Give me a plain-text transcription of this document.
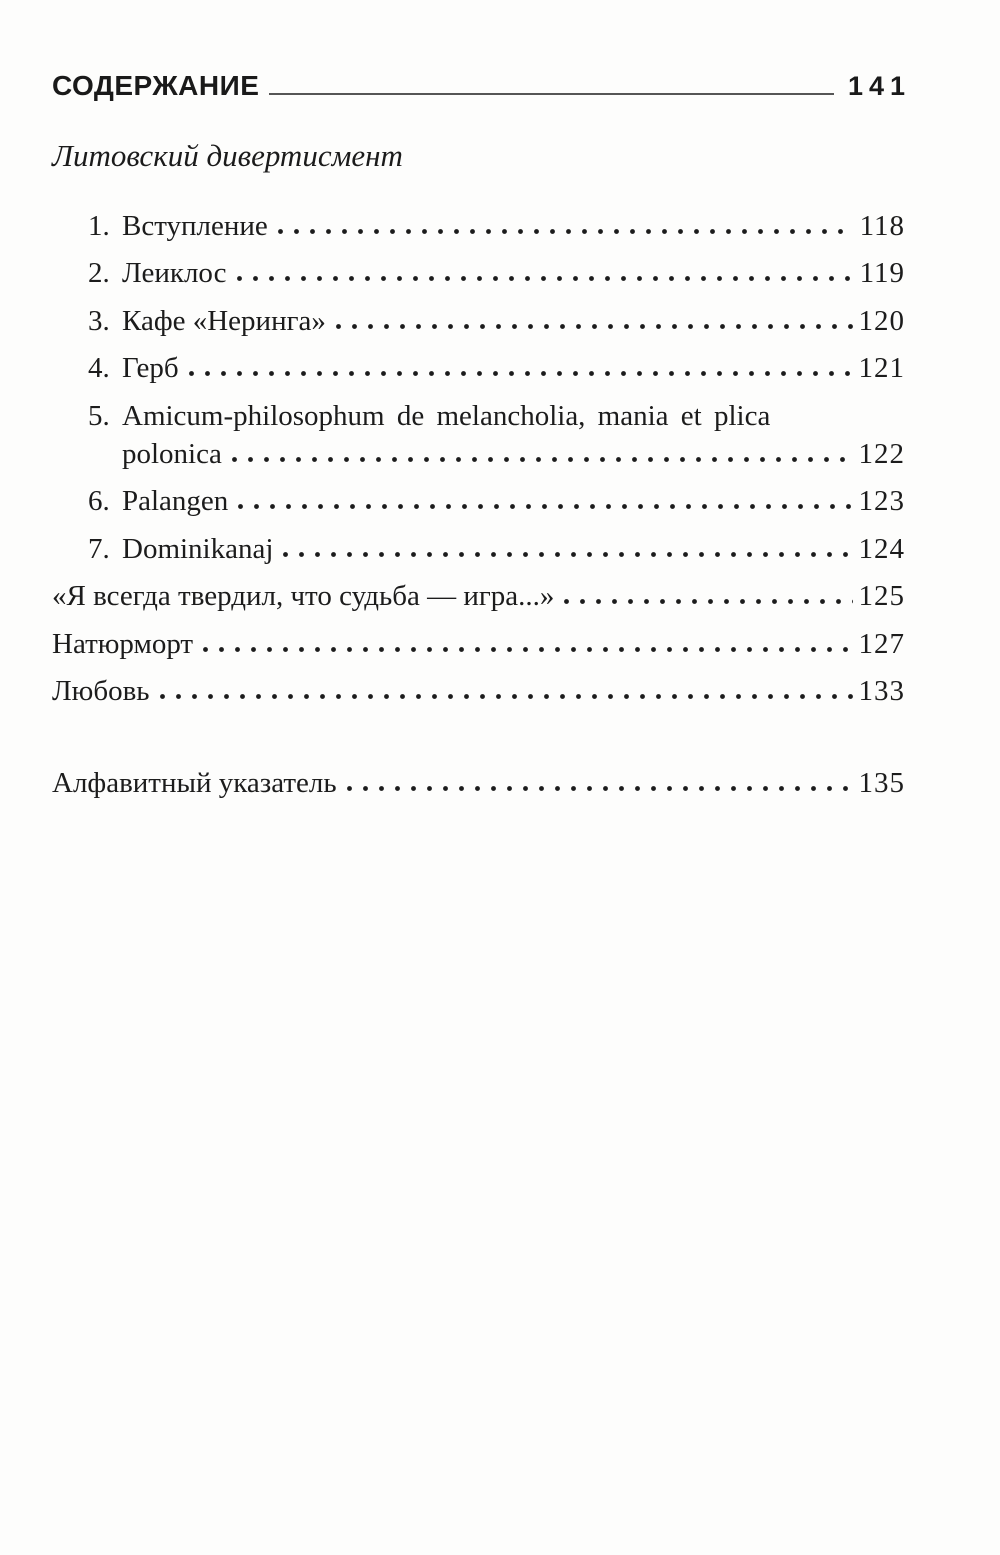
СОДЕРЖАНИЕ	141
Литовский дивертисмент
1. Вступление	118
2. Леиклос	119
3. Кафе «Неринга»	120
4. Герб	121
5. Amicum-philosophum de melancholia, mania et plica
polonica	122
6. Palangen	123
7. Dominikanaj	124
«Я всегда твердил, что судьба — игра...»	125
Натюрморт	127
Любовь	133
Алфавитный указатель	135
